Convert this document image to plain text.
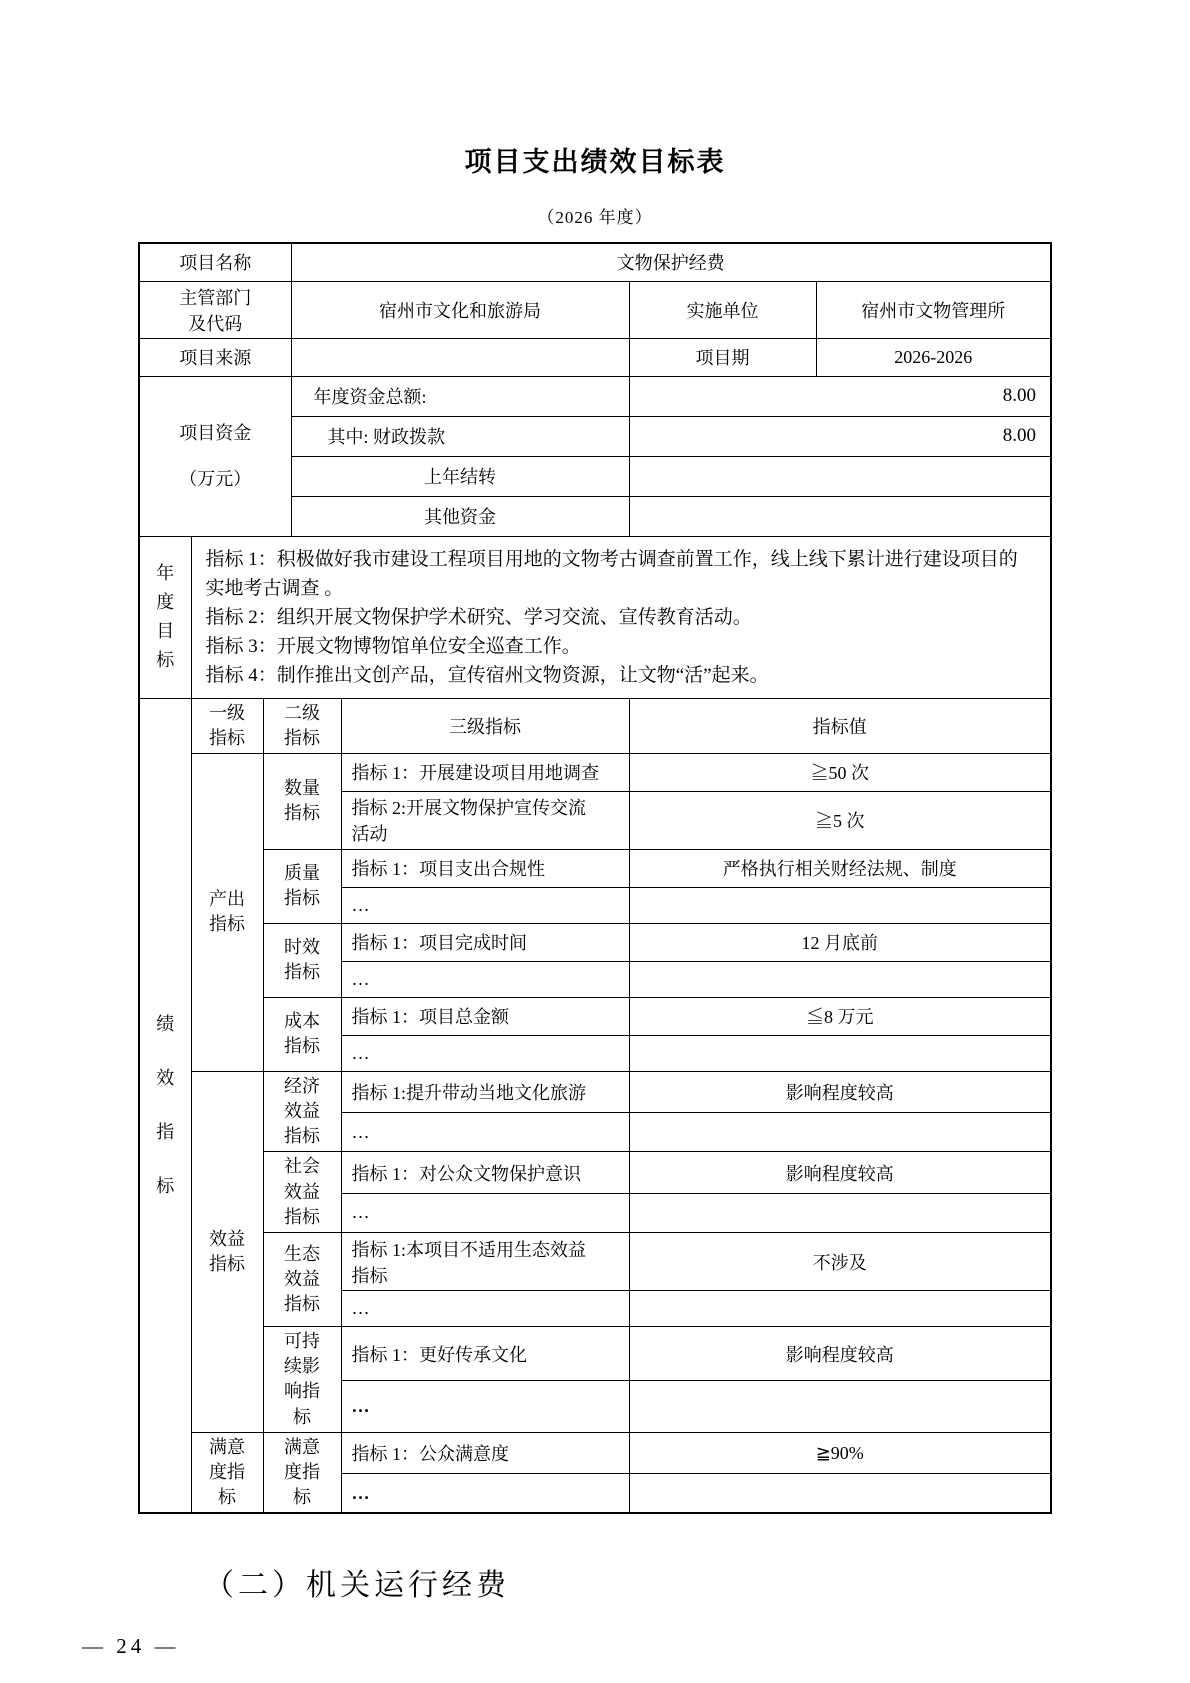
项目支出绩效目标表
（2026 年度）
项目名称			文物保护经费			
主管部门及代码			宿州市文化和旅游局		实施单位	宿州市文物管理所
项目来源					项目期	2026-2026
项目资金（万元）			年度资金总额:		8.00	
			其中: 财政拨款		8.00	
			上年结转			
			其他资金			
年度目标	指标 1：积极做好我市建设工程项目用地的文物考古调查前置工作，线上线下累计进行建设项目的实地考古调查 。
指标 2：组织开展文物保护学术研究、学习交流、宣传教育活动。
指标 3：开展文物博物馆单位安全巡查工作。
指标 4：制作推出文创产品，宣传宿州文物资源，让文物“活”起来。					

绩效指标	一级指标	二级指标		三级指标	指标值	
	产出指标	数量指标		指标 1：开展建设项目用地调查	≧50 次	
				指标 2:开展文物保护宣传交流活动	≧5 次	
		质量指标		指标 1：项目支出合规性	严格执行相关财经法规、制度	
				…		
		时效指标		指标 1：项目完成时间	12 月底前	
				…		
		成本指标		指标 1：项目总金额	≦8 万元	
				…		
	效益指标	经济效益指标		指标 1:提升带动当地文化旅游	影响程度较高	
				…		
		社会效益指标		指标 1：对公众文物保护意识	影响程度较高	
				…		
		生态效益指标		指标 1:本项目不适用生态效益指标	不涉及	
				…		
		可持续影响指标		指标 1：更好传承文化	影响程度较高	
				…		
	满意度指标	满意度指标		指标 1：公众满意度	≧90%	
				…		
（二）机关运行经费
— 24 —
